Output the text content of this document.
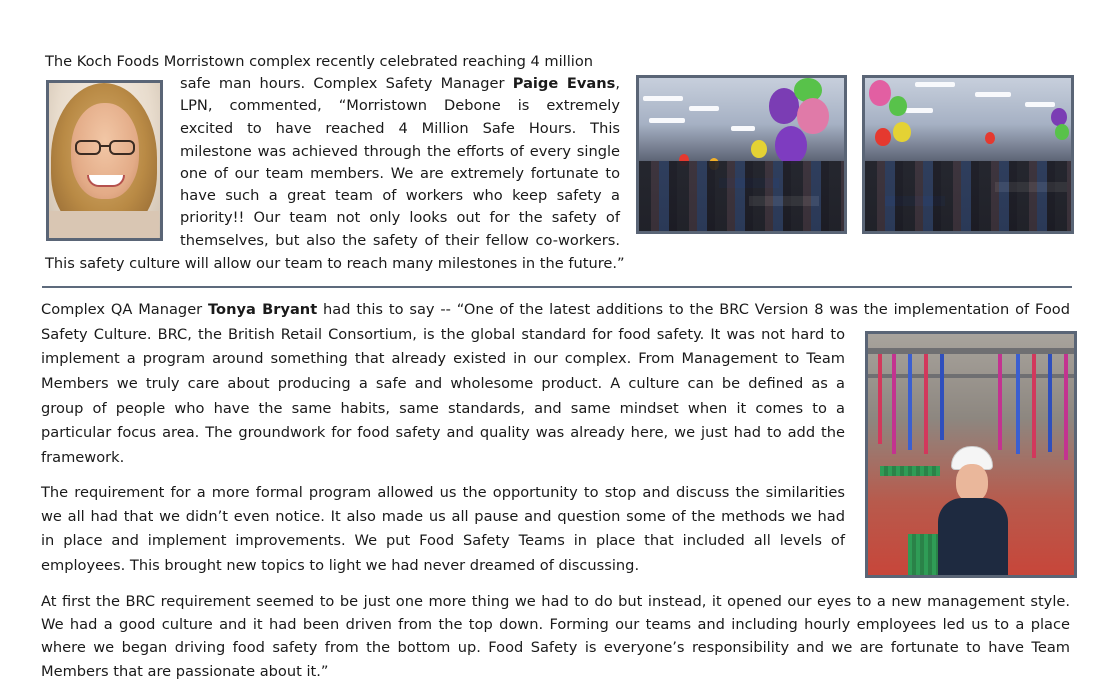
The Koch Foods Morristown complex recently celebrated reaching 4 million
safe man hours. Complex Safety Manager Paige Evans,
LPN, commented, “Morristown Debone is extremely
excited to have reached 4 Million Safe Hours. This
milestone was achieved through the efforts of every single
one of our team members. We are extremely fortunate to
have such a great team of workers who keep safety a
priority!! Our team not only looks out for the safety of
themselves, but also the safety of their fellow co-workers.
This safety culture will allow our team to reach many milestones in the future.”
Complex QA Manager Tonya Bryant had this to say -- “One of the latest additions to the BRC Version 8 was the implementation of Food
Safety Culture. BRC, the British Retail Consortium, is the global standard for food safety. It was not hard to
implement a program around something that already existed in our complex. From Management to Team
Members we truly care about producing a safe and wholesome product. A culture can be defined as a
group of people who have the same habits, same standards, and same mindset when it comes to a
particular focus area. The groundwork for food safety and quality was already here, we just had to add the
framework.
The requirement for a more formal program allowed us the opportunity to stop and discuss the similarities
we all had that we didn’t even notice. It also made us all pause and question some of the methods we had
in place and implement improvements. We put Food Safety Teams in place that included all levels of
employees. This brought new topics to light we had never dreamed of discussing.
At first the BRC requirement seemed to be just one more thing we had to do but instead, it opened our eyes to a new management style.
We had a good culture and it had been driven from the top down. Forming our teams and including hourly employees led us to a place
where we began driving food safety from the bottom up. Food Safety is everyone’s responsibility and we are fortunate to have Team
Members that are passionate about it.”
